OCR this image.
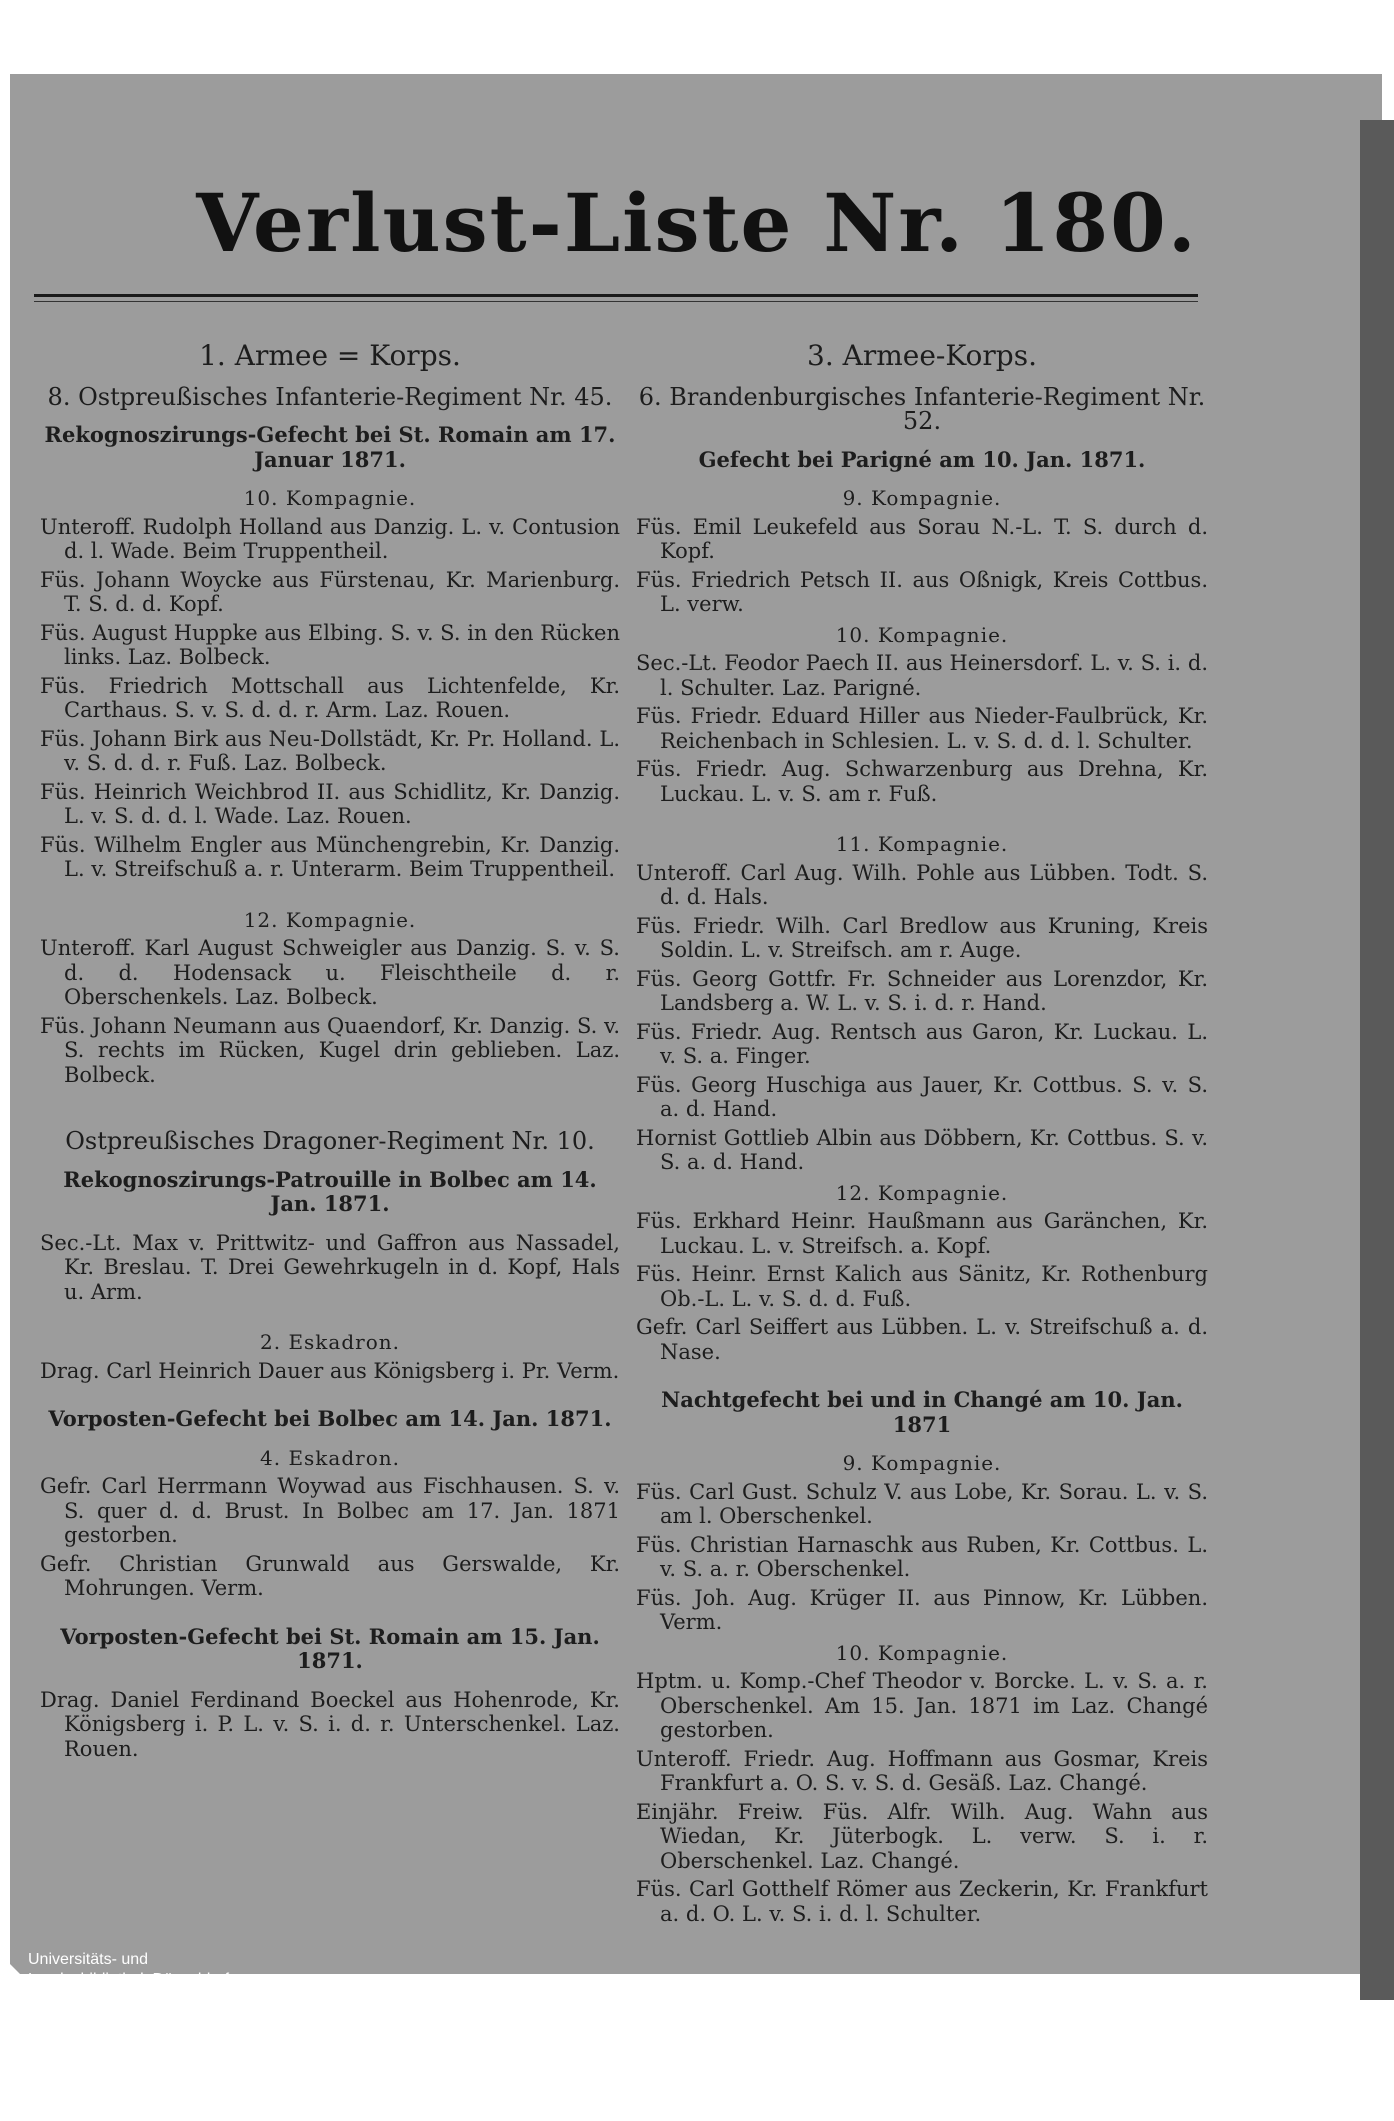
Verlust-Liste Nr. 180.

1. Armee = Korps.

8. Ostpreußisches Infanterie-Regiment Nr. 45.

Rekognoszirungs-Gefecht bei St. Romain am 17. Januar 1871.

10. Kompagnie.

Unteroff. Rudolph Holland aus Danzig. L. v. Contusion d. l. Wade. Beim Truppentheil.

Füs. Johann Woycke aus Fürstenau, Kr. Marienburg. T. S. d. d. Kopf.

Füs. August Huppke aus Elbing. S. v. S. in den Rücken links. Laz. Bolbeck.

Füs. Friedrich Mottschall aus Lichtenfelde, Kr. Carthaus. S. v. S. d. d. r. Arm. Laz. Rouen.

Füs. Johann Birk aus Neu-Dollstädt, Kr. Pr. Holland. L. v. S. d. d. r. Fuß. Laz. Bolbeck.

Füs. Heinrich Weichbrod II. aus Schidlitz, Kr. Danzig. L. v. S. d. d. l. Wade. Laz. Rouen.

Füs. Wilhelm Engler aus Münchengrebin, Kr. Danzig. L. v. Streifschuß a. r. Unterarm. Beim Truppentheil.

12. Kompagnie.

Unteroff. Karl August Schweigler aus Danzig. S. v. S. d. d. Hodensack u. Fleischtheile d. r. Oberschenkels. Laz. Bolbeck.

Füs. Johann Neumann aus Quaendorf, Kr. Danzig. S. v. S. rechts im Rücken, Kugel drin geblieben. Laz. Bolbeck.

Ostpreußisches Dragoner-Regiment Nr. 10.

Rekognoszirungs-Patrouille in Bolbec am 14. Jan. 1871.

Sec.-Lt. Max v. Prittwitz- und Gaffron aus Nassadel, Kr. Breslau. T. Drei Gewehrkugeln in d. Kopf, Hals u. Arm.

2. Eskadron.

Drag. Carl Heinrich Dauer aus Königsberg i. Pr. Verm.

Vorposten-Gefecht bei Bolbec am 14. Jan. 1871.

4. Eskadron.

Gefr. Carl Herrmann Woywad aus Fischhausen. S. v. S. quer d. d. Brust. In Bolbec am 17. Jan. 1871 gestorben.

Gefr. Christian Grunwald aus Gerswalde, Kr. Mohrungen. Verm.

Vorposten-Gefecht bei St. Romain am 15. Jan. 1871.

Drag. Daniel Ferdinand Boeckel aus Hohenrode, Kr. Königsberg i. P. L. v. S. i. d. r. Unterschenkel. Laz. Rouen.

3. Armee-Korps.

6. Brandenburgisches Infanterie-Regiment Nr. 52.

Gefecht bei Parigné am 10. Jan. 1871.

9. Kompagnie.

Füs. Emil Leukefeld aus Sorau N.-L. T. S. durch d. Kopf.

Füs. Friedrich Petsch II. aus Oßnigk, Kreis Cottbus. L. verw.

10. Kompagnie.

Sec.-Lt. Feodor Paech II. aus Heinersdorf. L. v. S. i. d. l. Schulter. Laz. Parigné.

Füs. Friedr. Eduard Hiller aus Nieder-Faulbrück, Kr. Reichenbach in Schlesien. L. v. S. d. d. l. Schulter.

Füs. Friedr. Aug. Schwarzenburg aus Drehna, Kr. Luckau. L. v. S. am r. Fuß.

11. Kompagnie.

Unteroff. Carl Aug. Wilh. Pohle aus Lübben. Todt. S. d. d. Hals.

Füs. Friedr. Wilh. Carl Bredlow aus Kruning, Kreis Soldin. L. v. Streifsch. am r. Auge.

Füs. Georg Gottfr. Fr. Schneider aus Lorenzdor, Kr. Landsberg a. W. L. v. S. i. d. r. Hand.

Füs. Friedr. Aug. Rentsch aus Garon, Kr. Luckau. L. v. S. a. Finger.

Füs. Georg Huschiga aus Jauer, Kr. Cottbus. S. v. S. a. d. Hand.

Hornist Gottlieb Albin aus Döbbern, Kr. Cottbus. S. v. S. a. d. Hand.

12. Kompagnie.

Füs. Erkhard Heinr. Haußmann aus Garänchen, Kr. Luckau. L. v. Streifsch. a. Kopf.

Füs. Heinr. Ernst Kalich aus Sänitz, Kr. Rothenburg Ob.-L. L. v. S. d. d. Fuß.

Gefr. Carl Seiffert aus Lübben. L. v. Streifschuß a. d. Nase.

Nachtgefecht bei und in Changé am 10. Jan. 1871

9. Kompagnie.

Füs. Carl Gust. Schulz V. aus Lobe, Kr. Sorau. L. v. S. am l. Oberschenkel.

Füs. Christian Harnaschk aus Ruben, Kr. Cottbus. L. v. S. a. r. Oberschenkel.

Füs. Joh. Aug. Krüger II. aus Pinnow, Kr. Lübben. Verm.

10. Kompagnie.

Hptm. u. Komp.-Chef Theodor v. Borcke. L. v. S. a. r. Oberschenkel. Am 15. Jan. 1871 im Laz. Changé gestorben.

Unteroff. Friedr. Aug. Hoffmann aus Gosmar, Kreis Frankfurt a. O. S. v. S. d. Gesäß. Laz. Changé.

Einjähr. Freiw. Füs. Alfr. Wilh. Aug. Wahn aus Wiedan, Kr. Jüterbogk. L. verw. S. i. r. Oberschenkel. Laz. Changé.

Füs. Carl Gotthelf Römer aus Zeckerin, Kr. Frankfurt a. d. O. L. v. S. i. d. l. Schulter.

Universitäts- und
Landesbibliothek Düsseldorf
